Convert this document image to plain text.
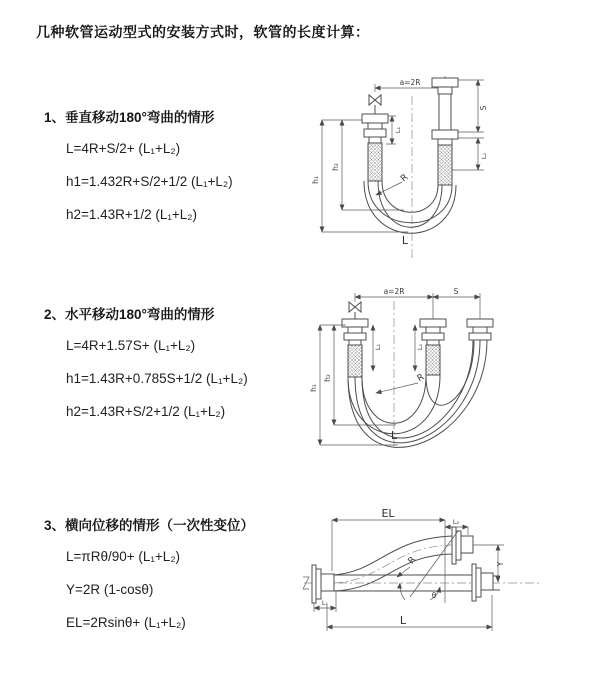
几种软管运动型式的安装方式时，软管的长度计算：
1、垂直移动180°弯曲的情形
L=4R+S/2+ (L₁+L₂)
h1=1.432R+S/2+1/2 (L₁+L₂)
h2=1.43R+1/2 (L₁+L₂)
a=2R
h₁
h₂
L₁
S
L₂
R
L
2、水平移动180°弯曲的情形
L=4R+1.57S+ (L₁+L₂)
h1=1.43R+0.785S+1/2 (L₁+L₂)
h2=1.43R+S/2+1/2 (L₁+L₂)
a=2R	S
h₁
h₂
L₁	L₂
R
L
3、横向位移的情形（一次性变位）
L=πRθ/90+ (L₁+L₂)
Y=2R (1-cosθ)
EL=2Rsinθ+ (L₁+L₂)
EL
L₂
Y
θ
R
L₁
L
